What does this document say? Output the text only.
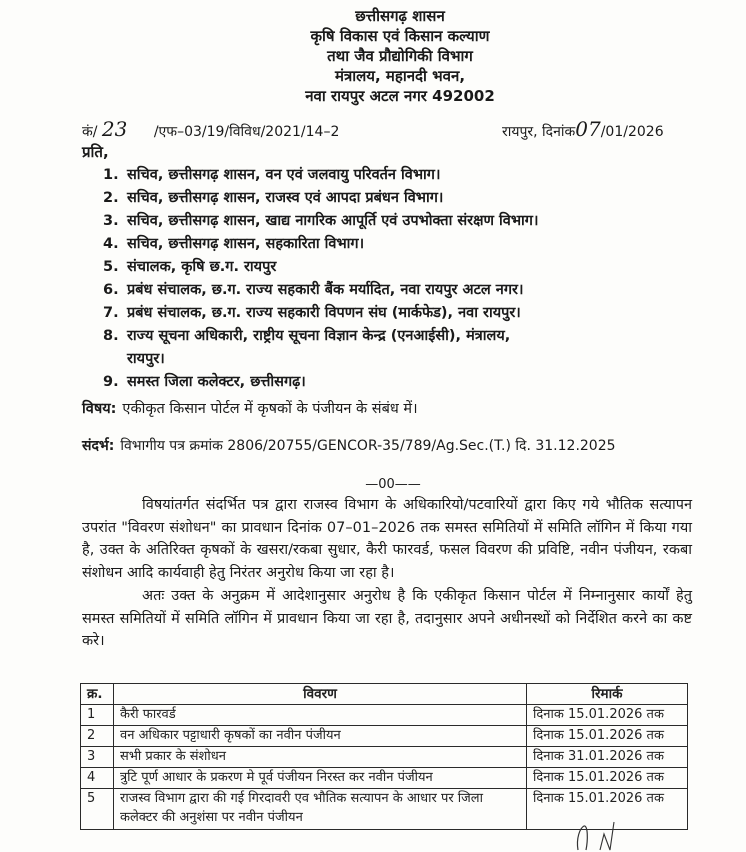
छत्तीसगढ़ शासन
कृषि विकास एवं किसान कल्याण
तथा जैव प्रौद्योगिकी विभाग
मंत्रालय, महानदी भवन,
नवा रायपुर अटल नगर 492002
कं/ 23 /एफ–03/19/विविध/2021/14–2	रायपुर, दिनांक07/01/2026
प्रति,
1. सचिव, छत्तीसगढ़ शासन, वन एवं जलवायु परिवर्तन विभाग।
2. सचिव, छत्तीसगढ़ शासन, राजस्व एवं आपदा प्रबंधन विभाग।
3. सचिव, छत्तीसगढ़ शासन, खाद्य नागरिक आपूर्ति एवं उपभोक्ता संरक्षण विभाग।
4. सचिव, छत्तीसगढ़ शासन, सहकारिता विभाग।
5. संचालक, कृषि छ.ग. रायपुर
6. प्रबंध संचालक, छ.ग. राज्य सहकारी बैंक मर्यादित, नवा रायपुर अटल नगर।
7. प्रबंध संचालक, छ.ग. राज्य सहकारी विपणन संघ (मार्कफेड), नवा रायपुर।
8. राज्य सूचना अधिकारी, राष्ट्रीय सूचना विज्ञान केन्द्र (एनआईसी), मंत्रालय,
रायपुर।
9. समस्त जिला कलेक्टर, छत्तीसगढ़।
विषय: एकीकृत किसान पोर्टल में कृषकों के पंजीयन के संबंध में।
संदर्भ: विभागीय पत्र क्रमांक 2806/20755/GENCOR-35/789/Ag.Sec.(T.) दि. 31.12.2025
—00——

विषयांतर्गत संदर्भित पत्र द्वारा राजस्व विभाग के अधिकारियो/पटवारियों द्वारा किए गये भौतिक सत्यापन उपरांत "विवरण संशोधन" का प्रावधान दिनांक 07–01–2026 तक समस्त समितियों में समिति लॉगिन में किया गया है, उक्त के अतिरिक्त कृषकों के खसरा/रकबा सुधार, कैरी फारवर्ड, फसल विवरण की प्रविष्टि, नवीन पंजीयन, रकबा संशोधन आदि कार्यवाही हेतु निरंतर अनुरोध किया जा रहा है।

अतः उक्त के अनुक्रम में आदेशानुसार अनुरोध है कि एकीकृत किसान पोर्टल में निम्नानुसार कार्यों हेतु समस्त समितियों में समिति लॉगिन में प्रावधान किया जा रहा है, तदानुसार अपने अधीनस्थों को निर्देशित करने का कष्ट करे।

क्र.	विवरण	रिमार्क
1	कैरी फारवर्ड	दिनाक 15.01.2026 तक
2	वन अधिकार पट्टाधारी कृषकों का नवीन पंजीयन	दिनाक 15.01.2026 तक
3	सभी प्रकार के संशोधन	दिनाक 31.01.2026 तक
4	त्रुटि पूर्ण आधार के प्रकरण मे पूर्व पंजीयन निरस्त कर नवीन पंजीयन	दिनाक 15.01.2026 तक
5	राजस्व विभाग द्वारा की गई गिरदावरी एव भौतिक सत्यापन के आधार पर जिला कलेक्टर की अनुशंसा पर नवीन पंजीयन	दिनाक 15.01.2026 तक
